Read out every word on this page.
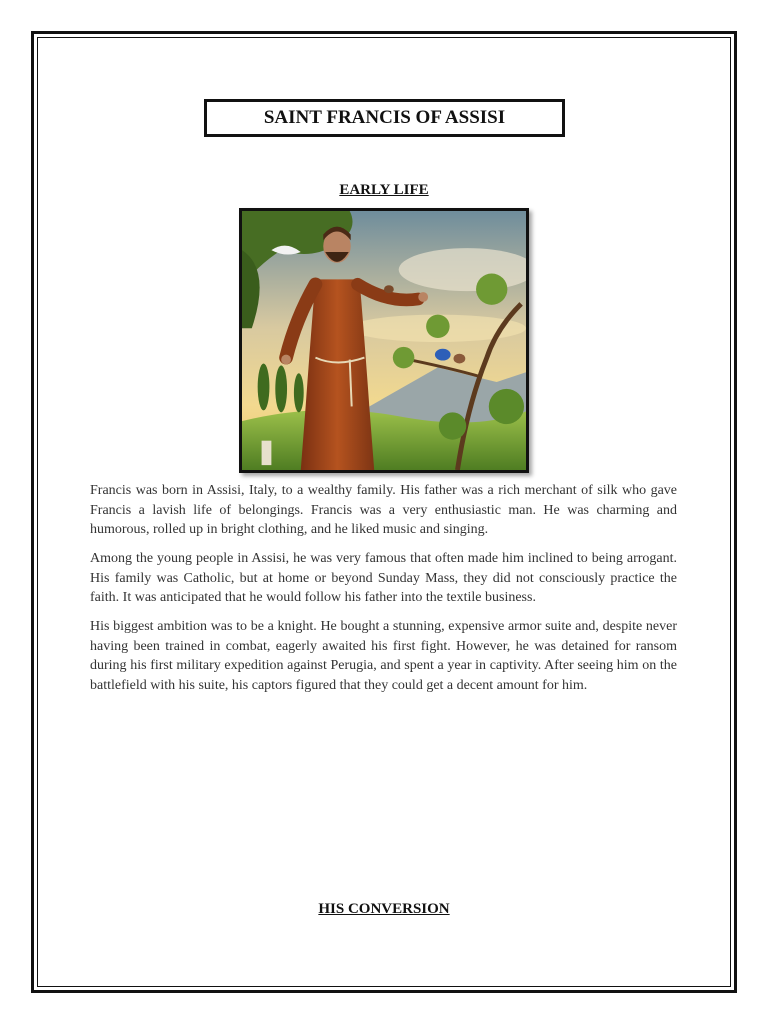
SAINT FRANCIS OF ASSISI
EARLY LIFE
Francis was born in Assisi, Italy, to a wealthy family. His father was a rich merchant of silk who gave Francis a lavish life of belongings. Francis was a very enthusiastic man. He was charming and humorous, rolled up in bright clothing, and he liked music and singing.
Among the young people in Assisi, he was very famous that often made him inclined to being arrogant. His family was Catholic, but at home or beyond Sunday Mass, they did not consciously practice the faith. It was anticipated that he would follow his father into the textile business.
His biggest ambition was to be a knight. He bought a stunning, expensive armor suite and, despite never having been trained in combat, eagerly awaited his first fight. However, he was detained for ransom during his first military expedition against Perugia, and spent a year in captivity. After seeing him on the battlefield with his suite, his captors figured that they could get a decent amount for him.
HIS CONVERSION
